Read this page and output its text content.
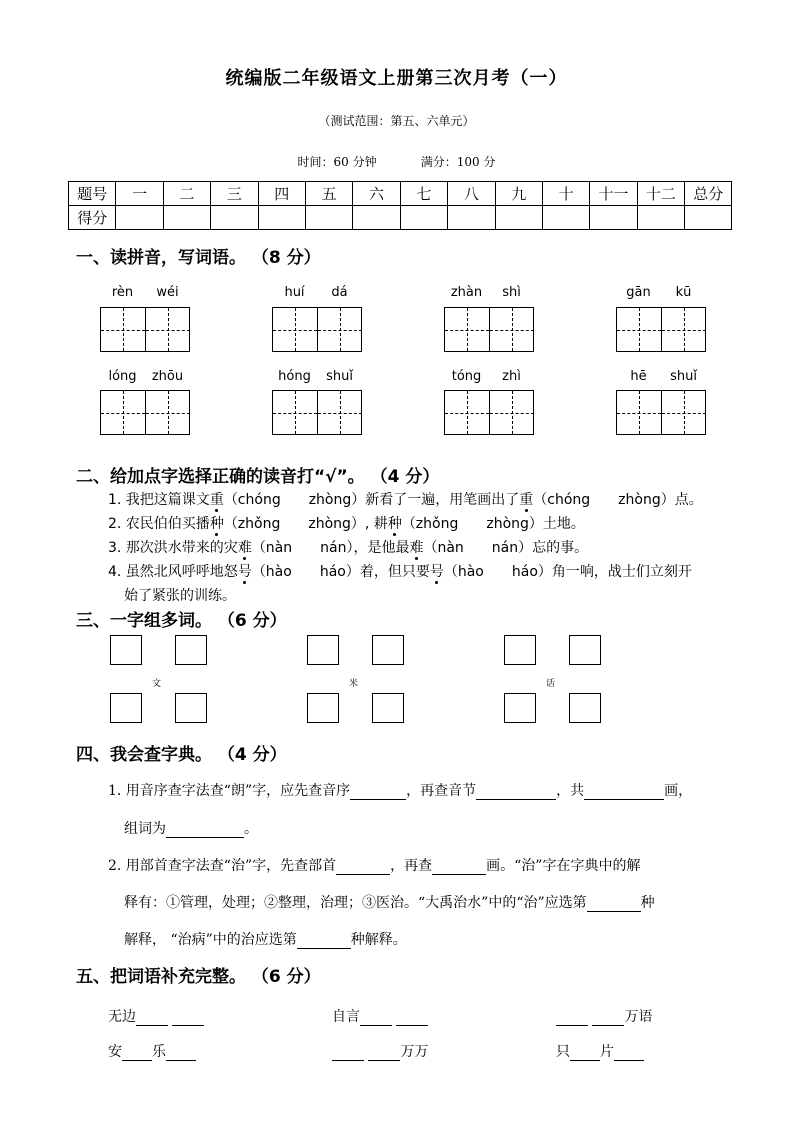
统编版二年级语文上册第三次月考（一）
（测试范围：第五、六单元）
时间：60 分钟	满分：100 分
题号	一	二	三	四	五	六	七	八	九	十	十一	十二	总分
得分													
一、读拼音，写词语。 （8 分）
rèn	wéi	huí	dá	zhàn	shì	gān	kū
lóng	zhōu	hóng	shuǐ	tóng	zhì	hē	shuǐ
二、给加点字选择正确的读音打“√”。 （4 分）
1. 我把这篇课文重（chóng　　zhòng）新看了一遍，用笔画出了重（chóng　　zhòng）点。
2. 农民伯伯买播种（zhǒng　　zhòng）, 耕种（zhǒng　　zhòng）土地。
3. 那次洪水带来的灾难（nàn　　nán），是他最难（nàn　　nán）忘的事。
4. 虽然北风呼呼地怒号（hào　　háo）着，但只要号（hào　　háo）角一响，战士们立刻开
始了紧张的训练。
三、一字组多词。 （6 分）
文	米	话
四、我会查字典。 （4 分）
1. 用音序查字法查“朗”字，应先查音序	，再查音节	，共	画，
组词为	。
2. 用部首查字法查“治”字，先查部首	，再查	画。“治”字在字典中的解
释有：①管理，处理；②整理，治理；③医治。“大禹治水”中的“治”应选第	种
解释， “治病”中的治应选第	种解释。
五、把词语补充完整。 （6 分）
无边	自言	万语
安 乐	万万	只 片
